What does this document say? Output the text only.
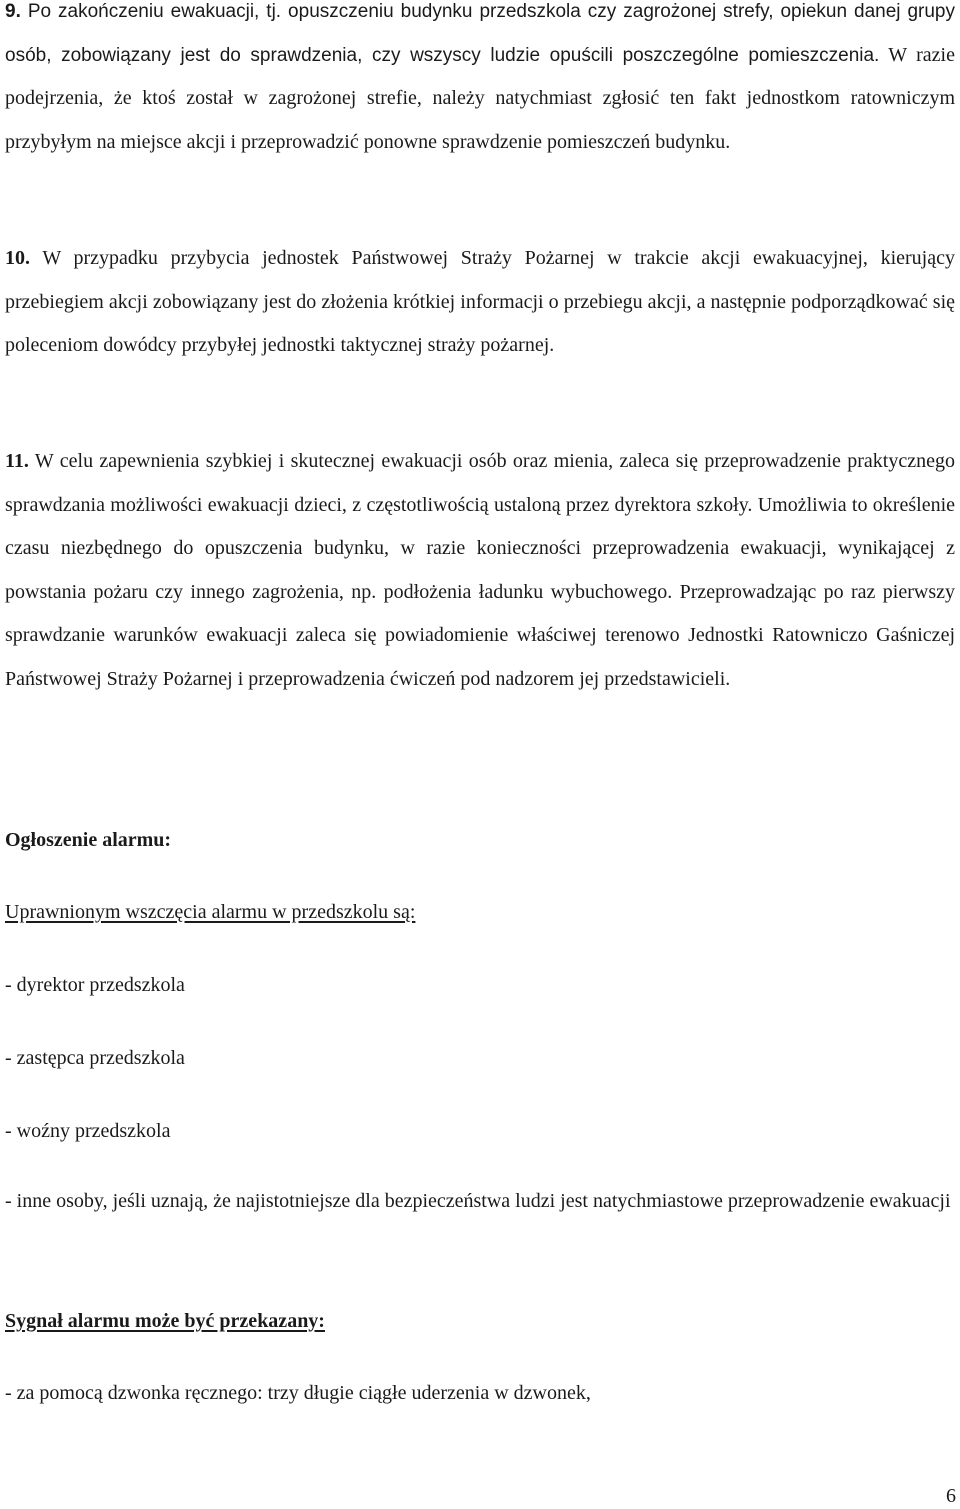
9. Po zakończeniu ewakuacji, tj. opuszczeniu budynku przedszkola czy zagrożonej strefy, opiekun danej grupy osób, zobowiązany jest do sprawdzenia, czy wszyscy ludzie opuścili poszczególne pomieszczenia. W razie podejrzenia, że ktoś został w zagrożonej strefie, należy natychmiast zgłosić ten fakt jednostkom ratowniczym przybyłym na miejsce akcji i przeprowadzić ponowne sprawdzenie pomieszczeń budynku.

10. W przypadku przybycia jednostek Państwowej Straży Pożarnej w trakcie akcji ewakuacyjnej, kierujący przebiegiem akcji zobowiązany jest do złożenia krótkiej informacji o przebiegu akcji, a następnie podporządkować się poleceniom dowódcy przybyłej jednostki taktycznej straży pożarnej.

11. W celu zapewnienia szybkiej i skutecznej ewakuacji osób oraz mienia, zaleca się przeprowadzenie praktycznego sprawdzania możliwości ewakuacji dzieci, z częstotliwością ustaloną przez dyrektora szkoły. Umożliwia to określenie czasu niezbędnego do opuszczenia budynku, w razie konieczności przeprowadzenia ewakuacji, wynikającej z powstania pożaru czy innego zagrożenia, np. podłożenia ładunku wybuchowego. Przeprowadzając po raz pierwszy sprawdzanie warunków ewakuacji zaleca się powiadomienie właściwej terenowo Jednostki Ratowniczo Gaśniczej Państwowej Straży Pożarnej i przeprowadzenia ćwiczeń pod nadzorem jej przedstawicieli.

Ogłoszenie alarmu:

Uprawnionym wszczęcia alarmu w przedszkolu są:

- dyrektor przedszkola

- zastępca przedszkola

- woźny przedszkola

- inne osoby, jeśli uznają, że najistotniejsze dla bezpieczeństwa ludzi jest natychmiastowe przeprowadzenie ewakuacji

Sygnał alarmu może być przekazany:

- za pomocą dzwonka ręcznego: trzy długie ciągłe uderzenia w dzwonek,

6
